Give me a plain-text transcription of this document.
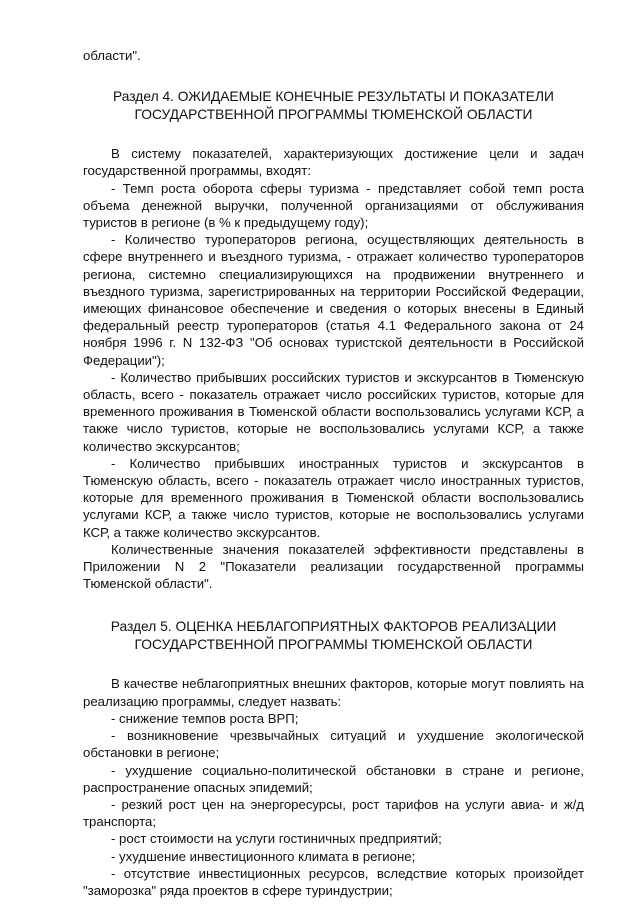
области".

Раздел 4. ОЖИДАЕМЫЕ КОНЕЧНЫЕ РЕЗУЛЬТАТЫ И ПОКАЗАТЕЛИ ГОСУДАРСТВЕННОЙ ПРОГРАММЫ ТЮМЕНСКОЙ ОБЛАСТИ

В систему показателей, характеризующих достижение цели и задач государственной программы, входят:

- Темп роста оборота сферы туризма - представляет собой темп роста объема денежной выручки, полученной организациями от обслуживания туристов в регионе (в % к предыдущему году);

- Количество туроператоров региона, осуществляющих деятельность в сфере внутреннего и въездного туризма, - отражает количество туроператоров региона, системно специализирующихся на продвижении внутреннего и въездного туризма, зарегистрированных на территории Российской Федерации, имеющих финансовое обеспечение и сведения о которых внесены в Единый федеральный реестр туроператоров (статья 4.1 Федерального закона от 24 ноября 1996 г. N 132-ФЗ "Об основах туристской деятельности в Российской Федерации");

- Количество прибывших российских туристов и экскурсантов в Тюменскую область, всего - показатель отражает число российских туристов, которые для временного проживания в Тюменской области воспользовались услугами КСР, а также число туристов, которые не воспользовались услугами КСР, а также количество экскурсантов;

- Количество прибывших иностранных туристов и экскурсантов в Тюменскую область, всего - показатель отражает число иностранных туристов, которые для временного проживания в Тюменской области воспользовались услугами КСР, а также число туристов, которые не воспользовались услугами КСР, а также количество экскурсантов.

Количественные значения показателей эффективности представлены в Приложении N 2 "Показатели реализации государственной программы Тюменской области".

Раздел 5. ОЦЕНКА НЕБЛАГОПРИЯТНЫХ ФАКТОРОВ РЕАЛИЗАЦИИ ГОСУДАРСТВЕННОЙ ПРОГРАММЫ ТЮМЕНСКОЙ ОБЛАСТИ

В качестве неблагоприятных внешних факторов, которые могут повлиять на реализацию программы, следует назвать:

- снижение темпов роста ВРП;

- возникновение чрезвычайных ситуаций и ухудшение экологической обстановки в регионе;

- ухудшение социально-политической обстановки в стране и регионе, распространение опасных эпидемий;

- резкий рост цен на энергоресурсы, рост тарифов на услуги авиа- и ж/д транспорта;

- рост стоимости на услуги гостиничных предприятий;

- ухудшение инвестиционного климата в регионе;

- отсутствие инвестиционных ресурсов, вследствие которых произойдет "заморозка" ряда проектов в сфере туриндустрии;
